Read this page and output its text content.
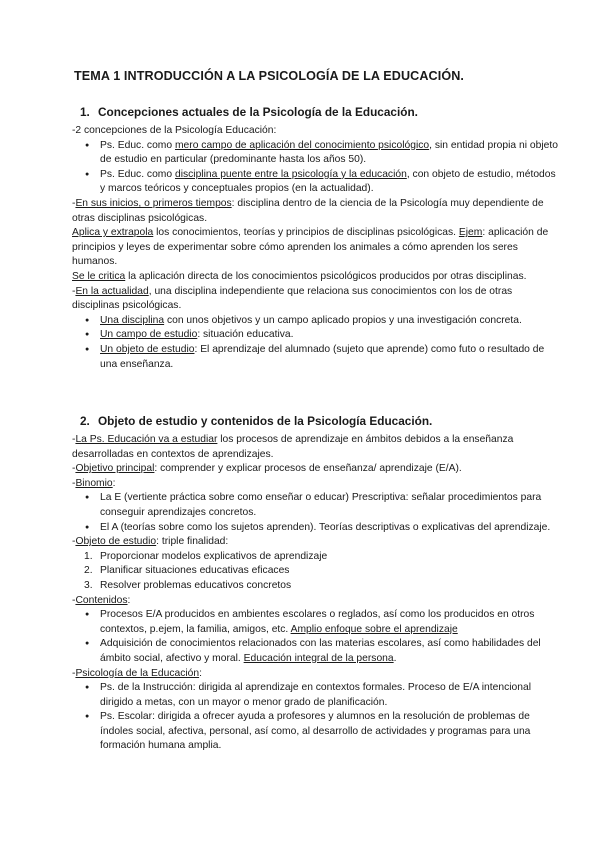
TEMA 1 INTRODUCCIÓN A LA PSICOLOGÍA DE LA EDUCACIÓN.
1. Concepciones actuales de la Psicología de la Educación.

-2 concepciones de la Psicología Educación:

● Ps. Educ. como mero campo de aplicación del conocimiento psicológico, sin entidad propia ni objeto de estudio en particular (predominante hasta los años 50).
● Ps. Educ. como disciplina puente entre la psicología y la educación, con objeto de estudio, métodos y marcos teóricos y conceptuales propios (en la actualidad).

-En sus inicios, o primeros tiempos: disciplina dentro de la ciencia de la Psicología muy dependiente de otras disciplinas psicológicas.

Aplica y extrapola los conocimientos, teorías y principios de disciplinas psicológicas. Ejem: aplicación de principios y leyes de experimentar sobre cómo aprenden los animales a cómo aprenden los seres humanos.

Se le critica la aplicación directa de los conocimientos psicológicos producidos por otras disciplinas.

-En la actualidad, una disciplina independiente que relaciona sus conocimientos con los de otras disciplinas psicológicas.

● Una disciplina con unos objetivos y un campo aplicado propios y una investigación concreta.
● Un campo de estudio: situación educativa.
● Un objeto de estudio: El aprendizaje del alumnado (sujeto que aprende) como futo o resultado de una enseñanza.
2. Objeto de estudio y contenidos de la Psicología Educación.

-La Ps. Educación va a estudiar los procesos de aprendizaje en ámbitos debidos a la enseñanza desarrolladas en contextos de aprendizajes.

-Objetivo principal: comprender y explicar procesos de enseñanza/ aprendizaje (E/A).

-Binomio:

● La E (vertiente práctica sobre como enseñar o educar) Prescriptiva: señalar procedimientos para conseguir aprendizajes concretos.
● El A (teorías sobre como los sujetos aprenden). Teorías descriptivas o explicativas del aprendizaje.

-Objeto de estudio: triple finalidad:

1. Proporcionar modelos explicativos de aprendizaje
2. Planificar situaciones educativas eficaces
3. Resolver problemas educativos concretos

-Contenidos:

● Procesos E/A producidos en ambientes escolares o reglados, así como los producidos en otros contextos, p.ejem, la familia, amigos, etc. Amplio enfoque sobre el aprendizaje
● Adquisición de conocimientos relacionados con las materias escolares, así como habilidades del ámbito social, afectivo y moral. Educación integral de la persona.

-Psicología de la Educación:

● Ps. de la Instrucción: dirigida al aprendizaje en contextos formales. Proceso de E/A intencional dirigido a metas, con un mayor o menor grado de planificación.
● Ps. Escolar: dirigida a ofrecer ayuda a profesores y alumnos en la resolución de problemas de índoles social, afectiva, personal, así como, al desarrollo de actividades y programas para una formación humana amplia.
